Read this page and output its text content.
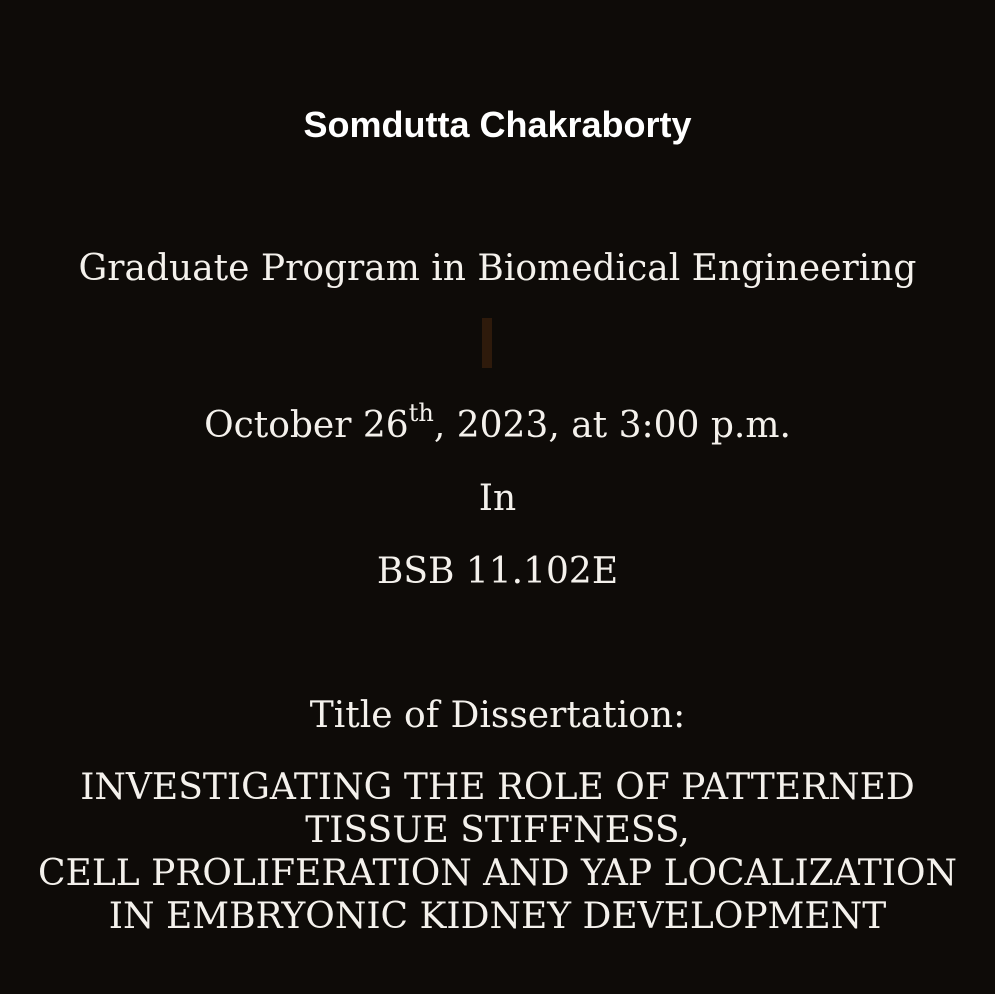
Somdutta Chakraborty
Graduate Program in Biomedical Engineering
October 26th, 2023, at 3:00 p.m.
In
BSB 11.102E
Title of Dissertation:
INVESTIGATING THE ROLE OF PATTERNED
TISSUE STIFFNESS,
CELL PROLIFERATION AND YAP LOCALIZATION
IN EMBRYONIC KIDNEY DEVELOPMENT
